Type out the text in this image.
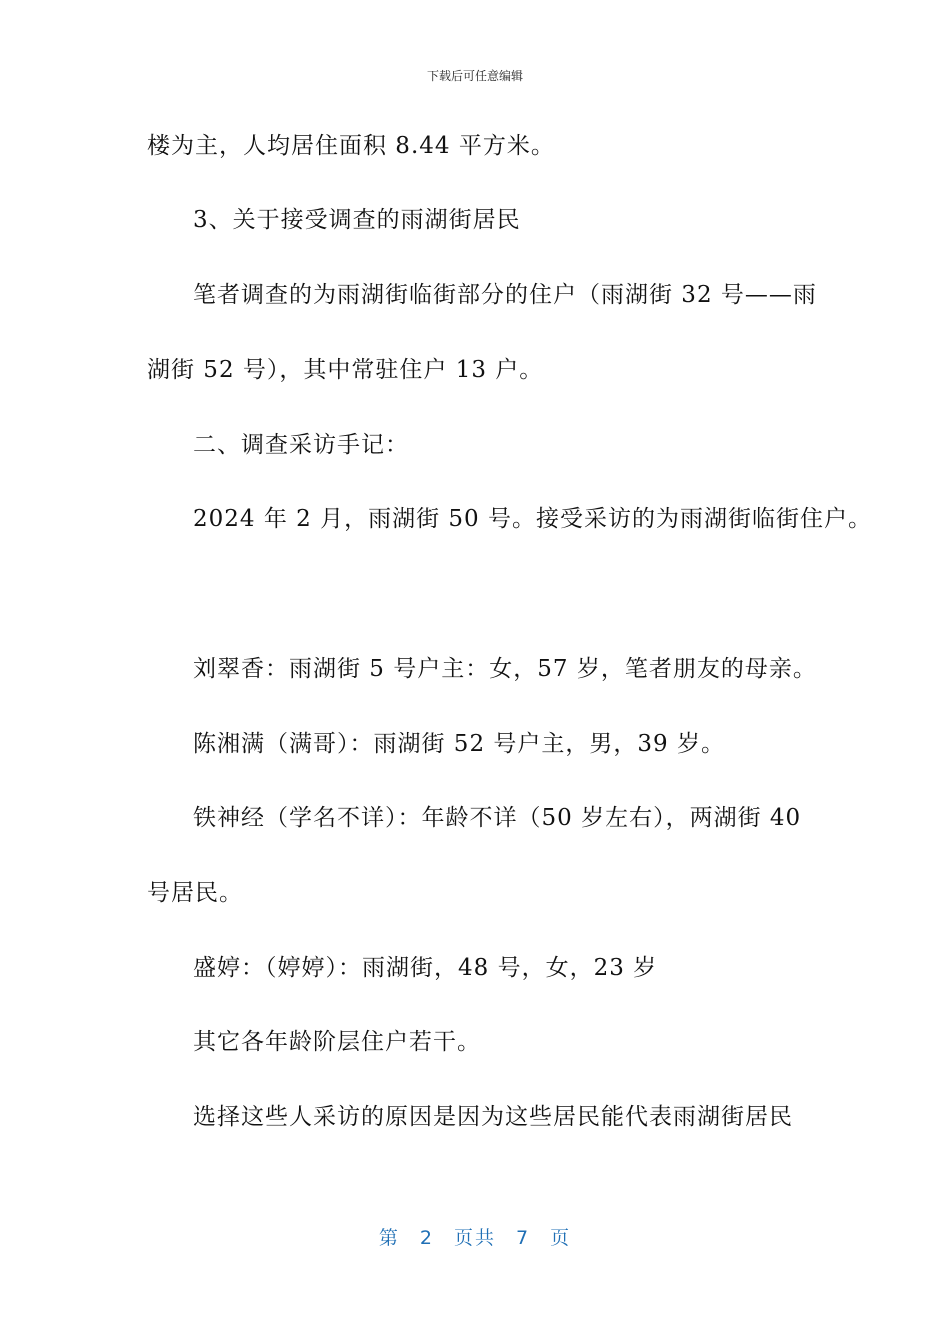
下载后可任意编辑
楼为主，人均居住面积 8.44 平方米。
3、关于接受调查的雨湖街居民
笔者调查的为雨湖街临街部分的住户（雨湖街 32 号——雨
湖街 52 号），其中常驻住户 13 户。
二、调查采访手记：
2024 年 2 月，雨湖街 50 号。接受采访的为雨湖街临街住户。
刘翠香：雨湖街 5 号户主：女，57 岁，笔者朋友的母亲。
陈湘满（满哥）：雨湖街 52 号户主，男，39 岁。
铁神经（学名不详）：年龄不详（50 岁左右），两湖街 40
号居民。
盛婷：（婷婷）：雨湖街，48 号，女，23 岁
其它各年龄阶层住户若干。
选择这些人采访的原因是因为这些居民能代表雨湖街居民
第 2 页共 7 页
